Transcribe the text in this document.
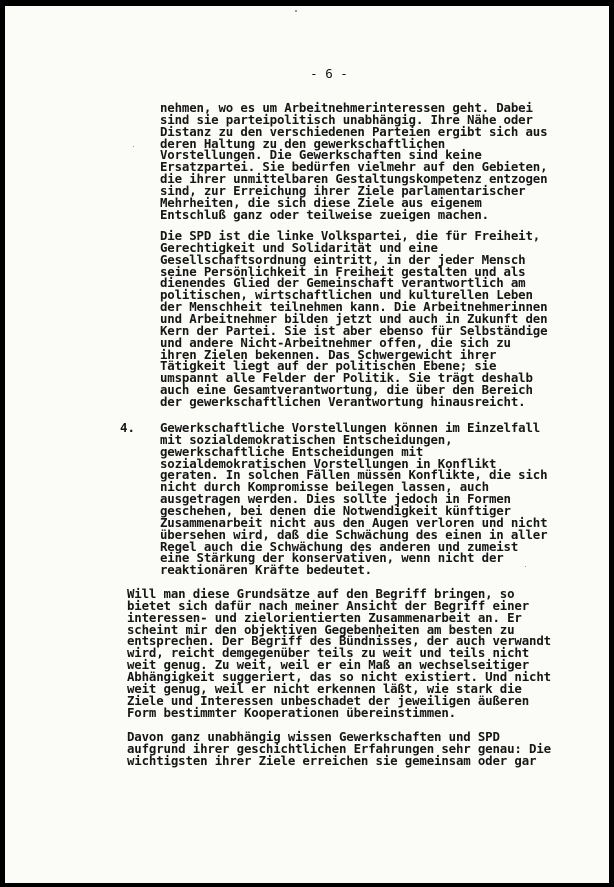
- 6 -
nehmen, wo es um Arbeitnehmerinteressen geht. Dabei
sind sie parteipolitisch unabhängig. Ihre Nähe oder
Distanz zu den verschiedenen Parteien ergibt sich aus
deren Haltung zu den gewerkschaftlichen
Vorstellungen. Die Gewerkschaften sind keine
Ersatzpartei. Sie bedürfen vielmehr auf den Gebieten,
die ihrer unmittelbaren Gestaltungskompetenz entzogen
sind, zur Erreichung ihrer Ziele parlamentarischer
Mehrheiten, die sich diese Ziele aus eigenem
Entschluß ganz oder teilweise zueigen machen.
Die SPD ist die linke Volkspartei, die für Freiheit,
Gerechtigkeit und Solidarität und eine
Gesellschaftsordnung eintritt, in der jeder Mensch
seine Persönlichkeit in Freiheit gestalten und als
dienendes Glied der Gemeinschaft verantwortlich am
politischen, wirtschaftlichen und kulturellen Leben
der Menschheit teilnehmen kann. Die Arbeitnehmerinnen
und Arbeitnehmer bilden jetzt und auch in Zukunft den
Kern der Partei. Sie ist aber ebenso für Selbständige
und andere Nicht-Arbeitnehmer offen, die sich zu
ihren Zielen bekennen. Das Schwergewicht ihrer
Tätigkeit liegt auf der politischen Ebene; sie
umspannt alle Felder der Politik. Sie trägt deshalb
auch eine Gesamtverantwortung, die über den Bereich
der gewerkschaftlichen Verantwortung hinausreicht.
4. Gewerkschaftliche Vorstellungen können im Einzelfall
mit sozialdemokratischen Entscheidungen,
gewerkschaftliche Entscheidungen mit
sozialdemokratischen Vorstellungen in Konflikt
geraten. In solchen Fällen müssen Konflikte, die sich
nicht durch Kompromisse beilegen lassen, auch
ausgetragen werden. Dies sollte jedoch in Formen
geschehen, bei denen die Notwendigkeit künftiger
Zusammenarbeit nicht aus den Augen verloren und nicht
übersehen wird, daß die Schwächung des einen in aller
Regel auch die Schwächung des anderen und zumeist
eine Stärkung der konservativen, wenn nicht der
reaktionären Kräfte bedeutet.
Will man diese Grundsätze auf den Begriff bringen, so
bietet sich dafür nach meiner Ansicht der Begriff einer
interessen- und zielorientierten Zusammenarbeit an. Er
scheint mir den objektiven Gegebenheiten am besten zu
entsprechen. Der Begriff des Bündnisses, der auch verwandt
wird, reicht demgegenüber teils zu weit und teils nicht
weit genug. Zu weit, weil er ein Maß an wechselseitiger
Abhängigkeit suggeriert, das so nicht existiert. Und nicht
weit genug, weil er nicht erkennen läßt, wie stark die
Ziele und Interessen unbeschadet der jeweiligen äußeren
Form bestimmter Kooperationen übereinstimmen.
Davon ganz unabhängig wissen Gewerkschaften und SPD
aufgrund ihrer geschichtlichen Erfahrungen sehr genau: Die
wichtigsten ihrer Ziele erreichen sie gemeinsam oder gar
